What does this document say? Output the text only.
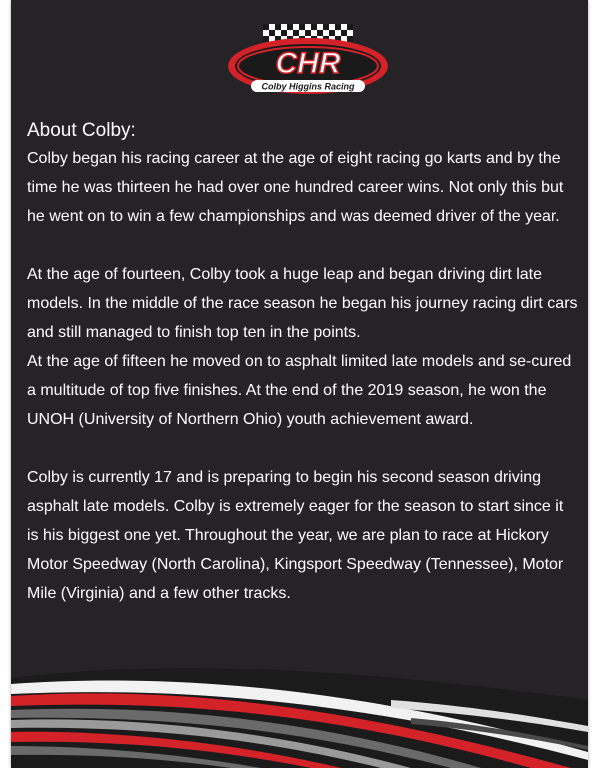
CHR
Colby Higgins Racing
About Colby:

Colby began his racing career at the age of eight racing go karts and by the time he was thirteen he had over one hundred career wins. Not only this but he went on to win a few championships and was deemed driver of the year.

At the age of fourteen, Colby took a huge leap and began driving dirt late models. In the middle of the race season he began his journey racing dirt cars and still managed to finish top ten in the points.

At the age of fifteen he moved on to asphalt limited late models and se-cured a multitude of top five finishes. At the end of the 2019 season, he won the UNOH (University of Northern Ohio) youth achievement award.

Colby is currently 17 and is preparing to begin his second season driving asphalt late models. Colby is extremely eager for the season to start since it is his biggest one yet. Throughout the year, we are plan to race at Hickory Motor Speedway (North Carolina), Kingsport Speedway (Tennessee), Motor Mile (Virginia) and a few other tracks.
